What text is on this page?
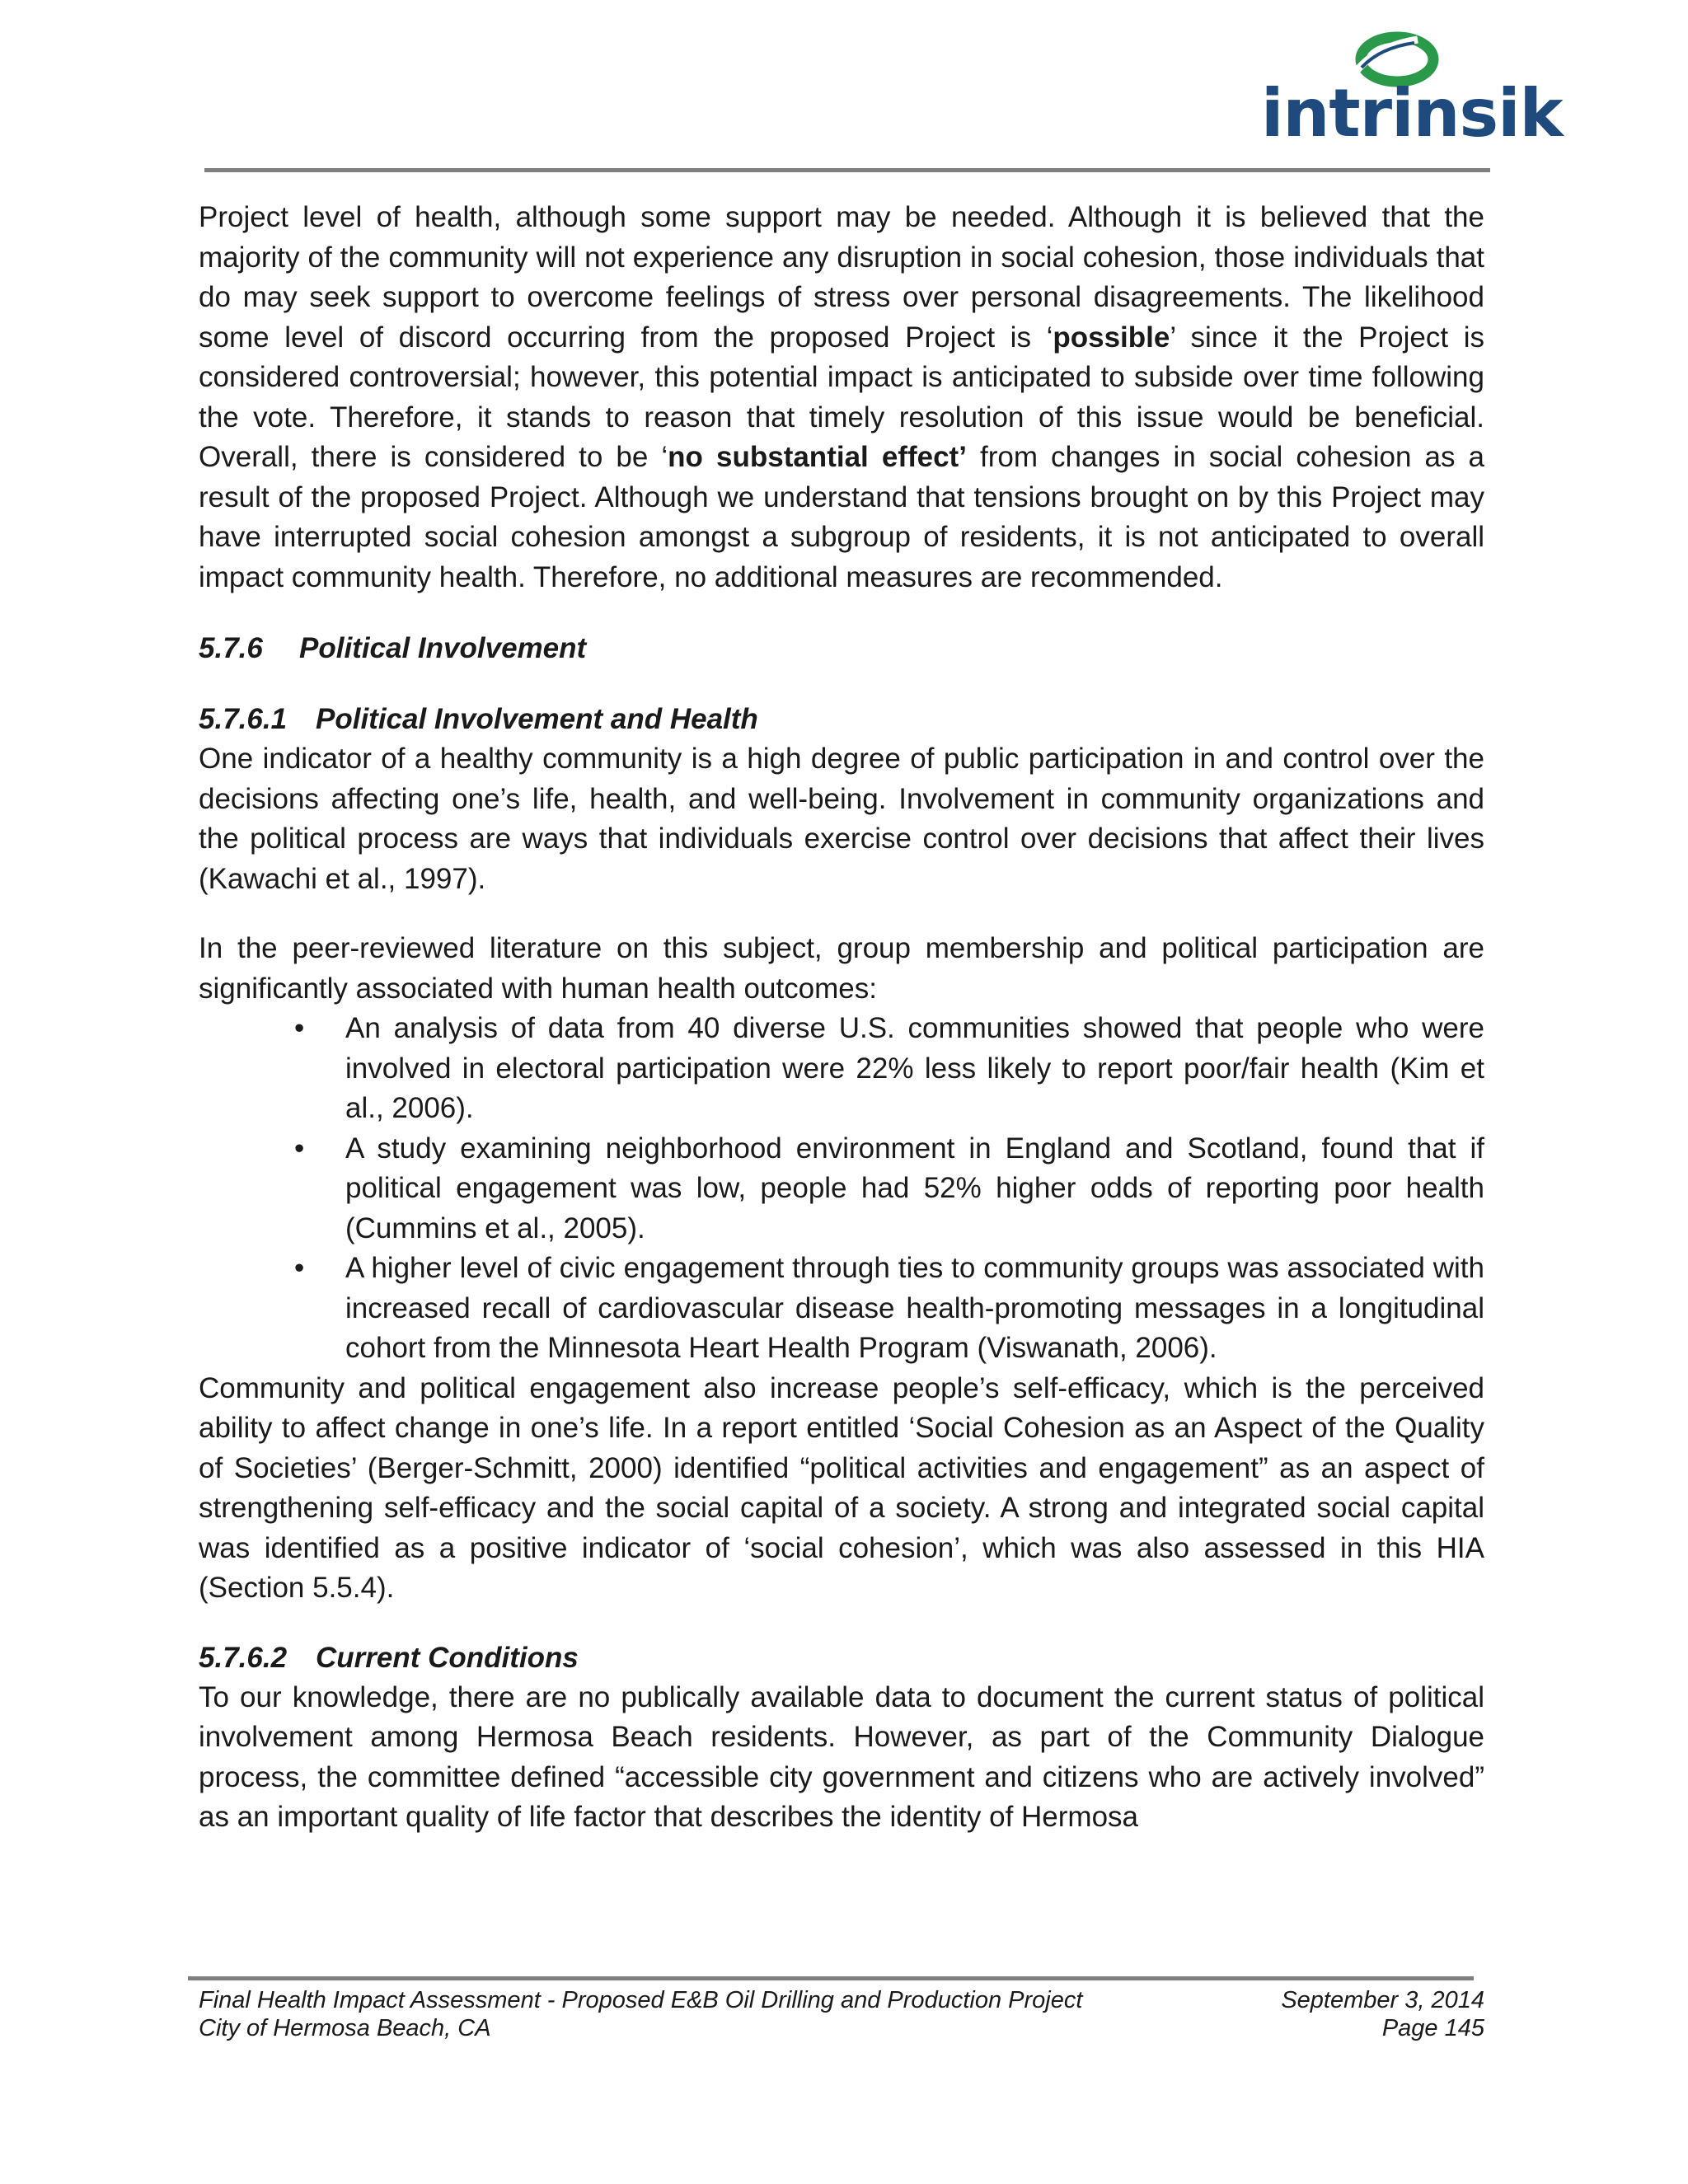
intrinsik

Project level of health, although some support may be needed. Although it is believed that the majority of the community will not experience any disruption in social cohesion, those individuals that do may seek support to overcome feelings of stress over personal disagreements. The likelihood some level of discord occurring from the proposed Project is ‘possible’ since it the Project is considered controversial; however, this potential impact is anticipated to subside over time following the vote. Therefore, it stands to reason that timely resolution of this issue would be beneficial. Overall, there is considered to be ‘no substantial effect’ from changes in social cohesion as a result of the proposed Project. Although we understand that tensions brought on by this Project may have interrupted social cohesion amongst a subgroup of residents, it is not anticipated to overall impact community health. Therefore, no additional measures are recommended.

5.7.6 Political Involvement
5.7.6.1 Political Involvement and Health

One indicator of a healthy community is a high degree of public participation in and control over the decisions affecting one’s life, health, and well-being. Involvement in community organizations and the political process are ways that individuals exercise control over decisions that affect their lives (Kawachi et al., 1997).

In the peer-reviewed literature on this subject, group membership and political participation are significantly associated with human health outcomes:

• An analysis of data from 40 diverse U.S. communities showed that people who were involved in electoral participation were 22% less likely to report poor/fair health (Kim et al., 2006).
• A study examining neighborhood environment in England and Scotland, found that if political engagement was low, people had 52% higher odds of reporting poor health (Cummins et al., 2005).
• A higher level of civic engagement through ties to community groups was associated with increased recall of cardiovascular disease health-promoting messages in a longitudinal cohort from the Minnesota Heart Health Program (Viswanath, 2006).

Community and political engagement also increase people’s self-efficacy, which is the perceived ability to affect change in one’s life. In a report entitled ‘Social Cohesion as an Aspect of the Quality of Societies’ (Berger-Schmitt, 2000) identified “political activities and engagement” as an aspect of strengthening self-efficacy and the social capital of a society. A strong and integrated social capital was identified as a positive indicator of ‘social cohesion’, which was also assessed in this HIA (Section 5.5.4).

5.7.6.2 Current Conditions

To our knowledge, there are no publically available data to document the current status of political involvement among Hermosa Beach residents. However, as part of the Community Dialogue process, the committee defined “accessible city government and citizens who are actively involved” as an important quality of life factor that describes the identity of Hermosa

Final Health Impact Assessment - Proposed E&B Oil Drilling and Production Project	September 3, 2014
City of Hermosa Beach, CA	Page 145
